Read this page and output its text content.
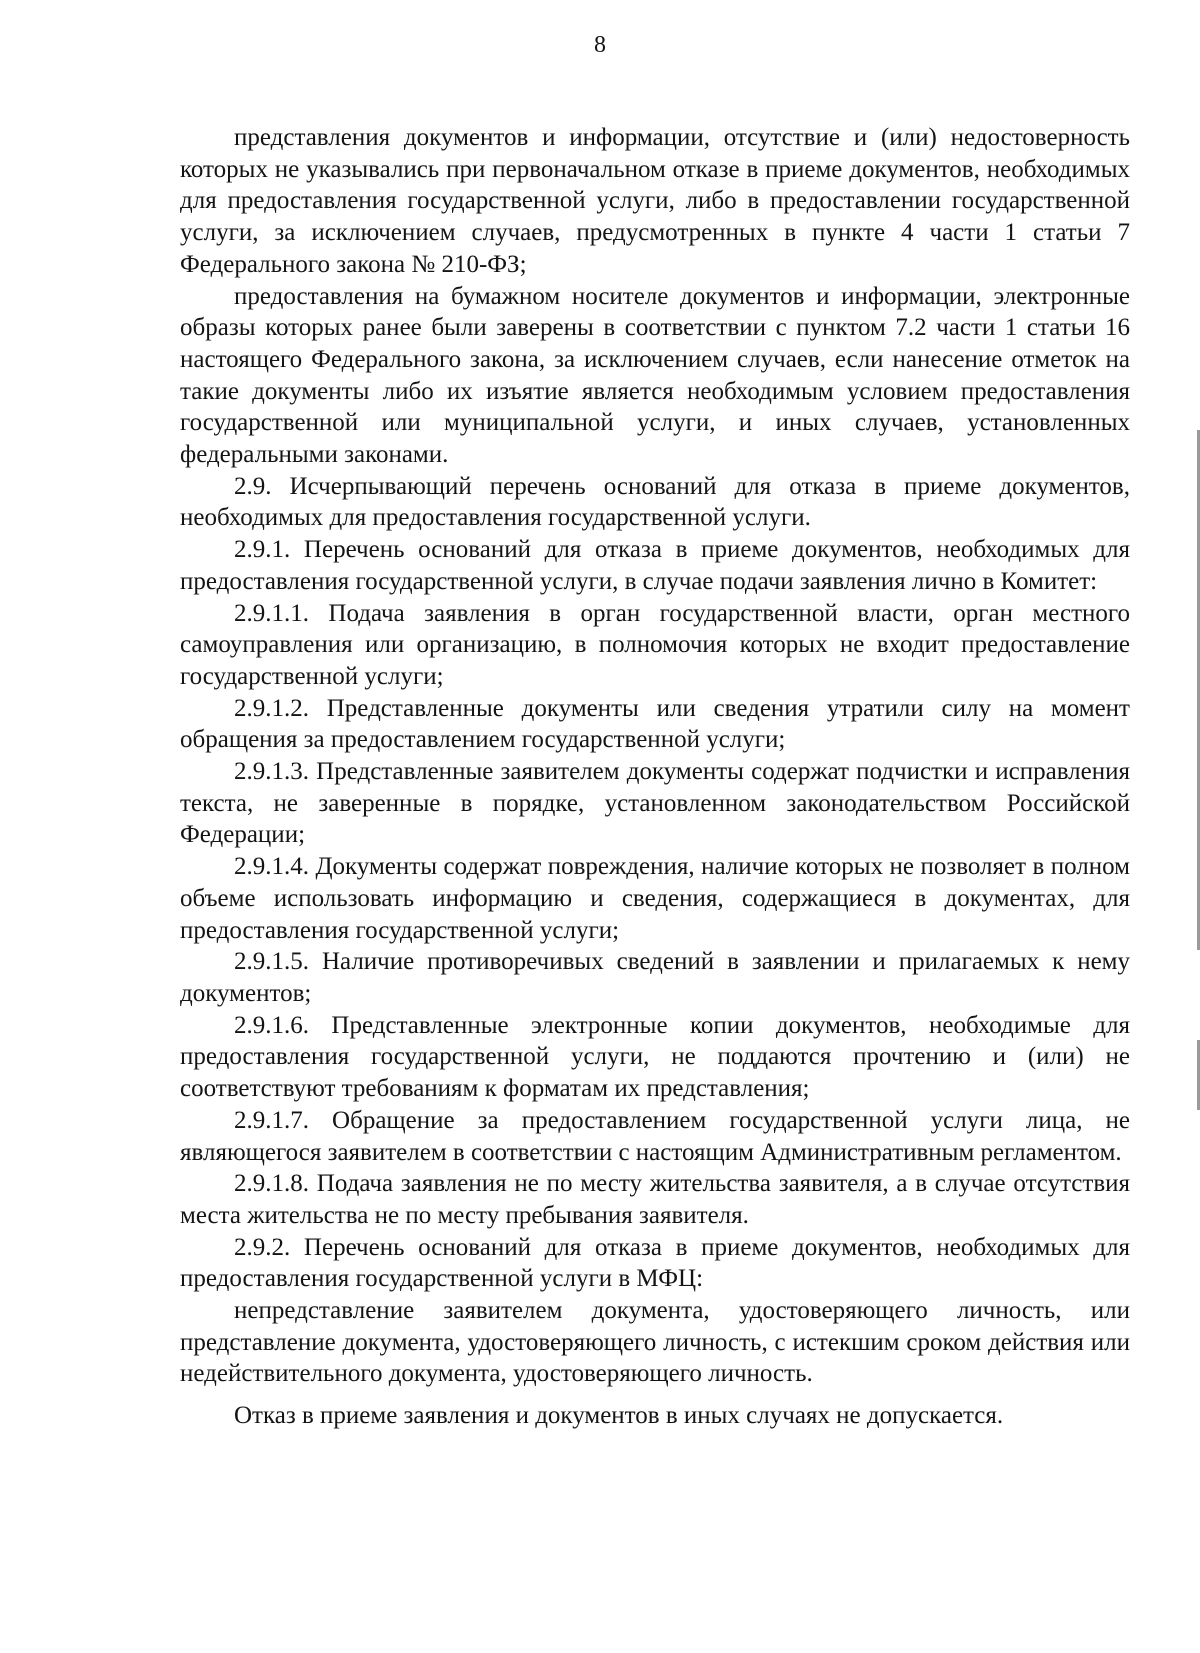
8

представления документов и информации, отсутствие и (или) недостоверность которых не указывались при первоначальном отказе в приеме документов, необходимых для предоставления государственной услуги, либо в предоставлении государственной услуги, за исключением случаев, предусмотренных в пункте 4 части 1 статьи 7 Федерального закона № 210-ФЗ;

предоставления на бумажном носителе документов и информации, электронные образы которых ранее были заверены в соответствии с пунктом 7.2 части 1 статьи 16 настоящего Федерального закона, за исключением случаев, если нанесение отметок на такие документы либо их изъятие является необходимым условием предоставления государственной или муниципальной услуги, и иных случаев, установленных федеральными законами.

2.9. Исчерпывающий перечень оснований для отказа в приеме документов, необходимых для предоставления государственной услуги.

2.9.1. Перечень оснований для отказа в приеме документов, необходимых для предоставления государственной услуги, в случае подачи заявления лично в Комитет:

2.9.1.1. Подача заявления в орган государственной власти, орган местного самоуправления или организацию, в полномочия которых не входит предоставление государственной услуги;

2.9.1.2. Представленные документы или сведения утратили силу на момент обращения за предоставлением государственной услуги;

2.9.1.3. Представленные заявителем документы содержат подчистки и исправления текста, не заверенные в порядке, установленном законодательством Российской Федерации;

2.9.1.4. Документы содержат повреждения, наличие которых не позволяет в полном объеме использовать информацию и сведения, содержащиеся в документах, для предоставления государственной услуги;

2.9.1.5. Наличие противоречивых сведений в заявлении и прилагаемых к нему документов;

2.9.1.6. Представленные электронные копии документов, необходимые для предоставления государственной услуги, не поддаются прочтению и (или) не соответствуют требованиям к форматам их представления;

2.9.1.7. Обращение за предоставлением государственной услуги лица, не являющегося заявителем в соответствии с настоящим Административным регламентом.

2.9.1.8. Подача заявления не по месту жительства заявителя, а в случае отсутствия места жительства не по месту пребывания заявителя.

2.9.2. Перечень оснований для отказа в приеме документов, необходимых для предоставления государственной услуги в МФЦ:

непредставление заявителем документа, удостоверяющего личность, или представление документа, удостоверяющего личность, с истекшим сроком действия или недействительного документа, удостоверяющего личность.

Отказ в приеме заявления и документов в иных случаях не допускается.
